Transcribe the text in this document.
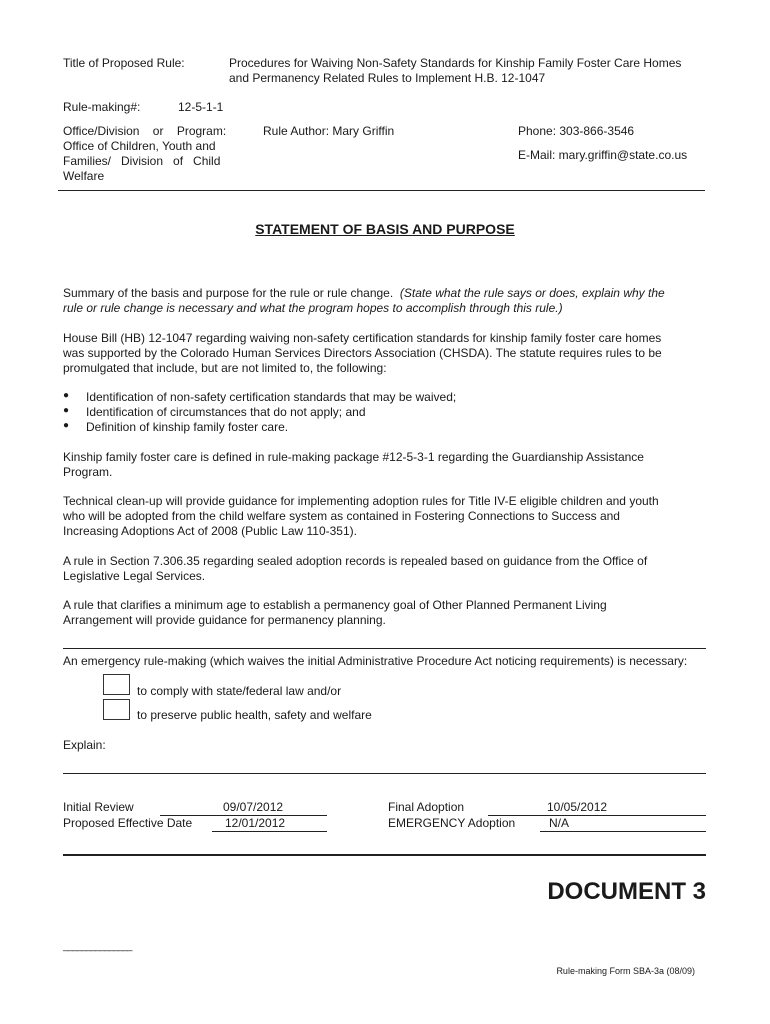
Title of Proposed Rule:	Procedures for Waiving Non-Safety Standards for Kinship Family Foster Care Homes
and Permanency Related Rules to Implement H.B. 12-1047
Rule-making#:	12-5-1-1
Office/Division    or    Program:
Office of Children, Youth and
Families/   Division   of   Child
Welfare
Rule Author: Mary Griffin	Phone: 303-866-3546
E-Mail: mary.griffin@state.co.us
STATEMENT OF BASIS AND PURPOSE
Summary of the basis and purpose for the rule or rule change. (State what the rule says or does, explain why the
rule or rule change is necessary and what the program hopes to accomplish through this rule.)
House Bill (HB) 12-1047 regarding waiving non-safety certification standards for kinship family foster care homes
was supported by the Colorado Human Services Directors Association (CHSDA). The statute requires rules to be
promulgated that include, but are not limited to, the following:
● Identification of non-safety certification standards that may be waived;
● Identification of circumstances that do not apply; and
● Definition of kinship family foster care.
Kinship family foster care is defined in rule-making package #12-5-3-1 regarding the Guardianship Assistance
Program.
Technical clean-up will provide guidance for implementing adoption rules for Title IV-E eligible children and youth
who will be adopted from the child welfare system as contained in Fostering Connections to Success and
Increasing Adoptions Act of 2008 (Public Law 110-351).
A rule in Section 7.306.35 regarding sealed adoption records is repealed based on guidance from the Office of
Legislative Legal Services.
A rule that clarifies a minimum age to establish a permanency goal of Other Planned Permanent Living
Arrangement will provide guidance for permanency planning.
An emergency rule-making (which waives the initial Administrative Procedure Act noticing requirements) is necessary:
to comply with state/federal law and/or
to preserve public health, safety and welfare
Explain:
Initial Review	09/07/2012	Final Adoption	10/05/2012
Proposed Effective Date	12/01/2012	EMERGENCY Adoption	N/A
DOCUMENT 3
_______________
Rule-making Form SBA-3a (08/09)
